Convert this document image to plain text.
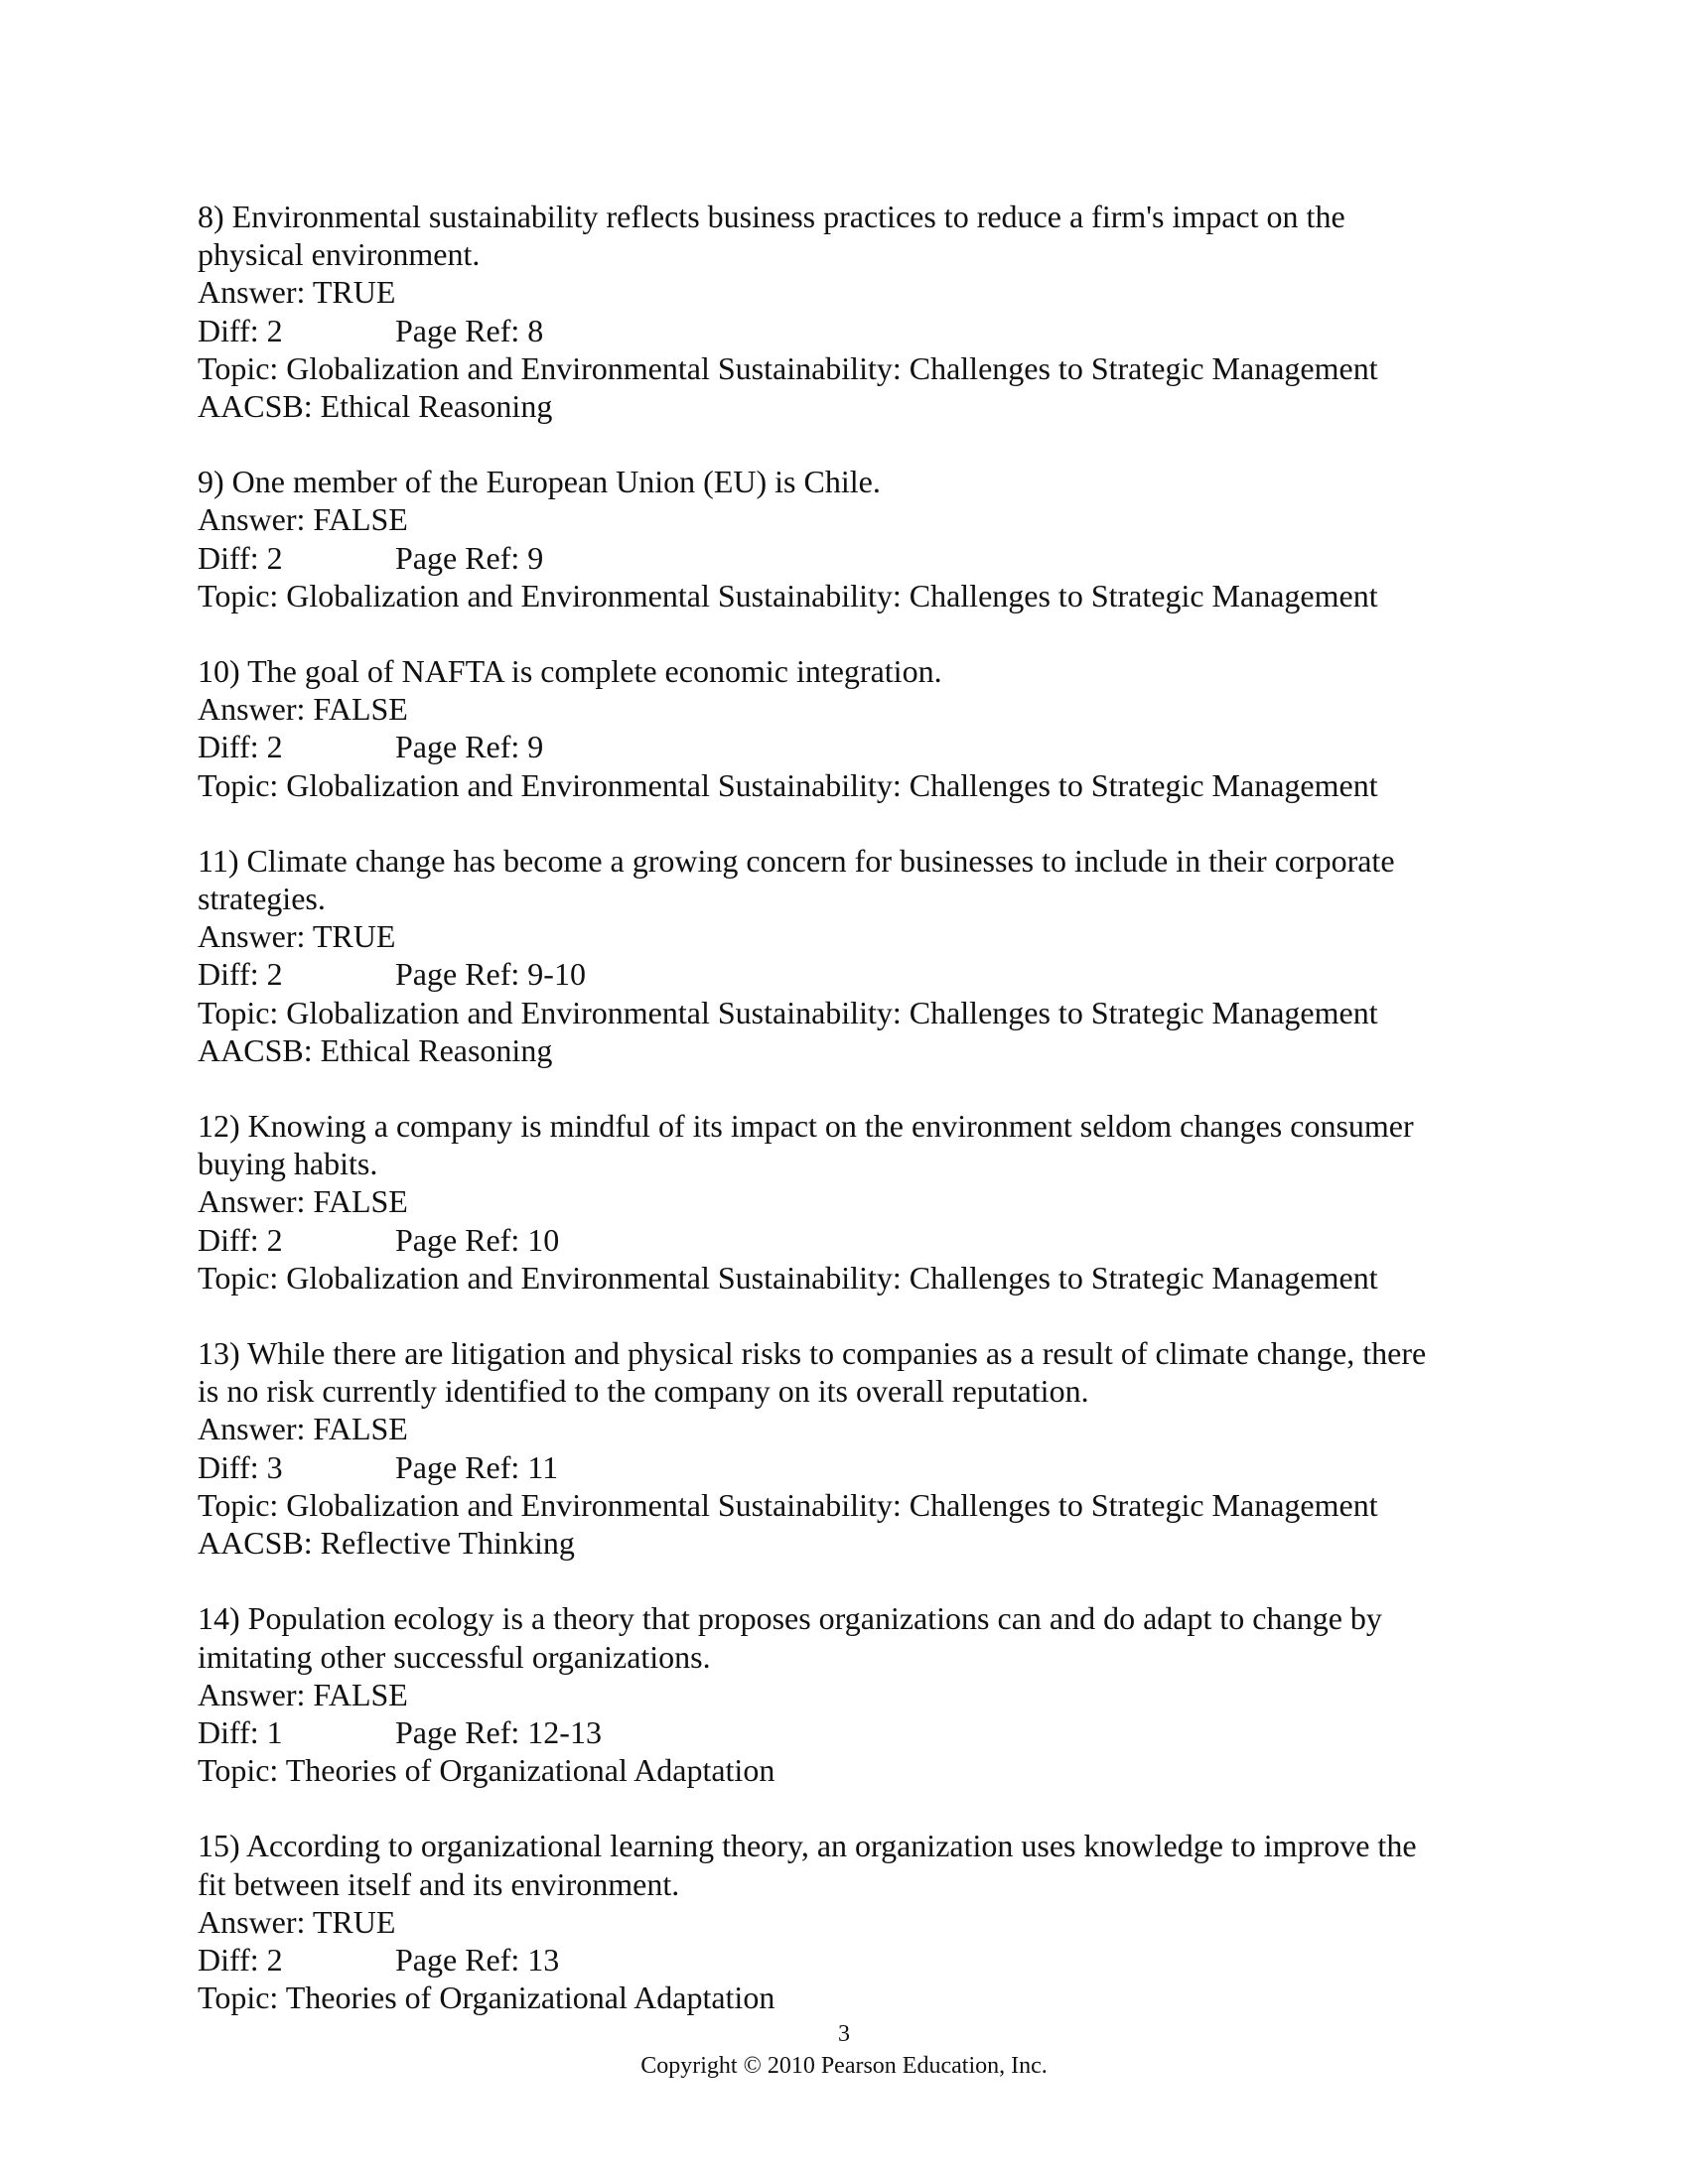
8) Environmental sustainability reflects business practices to reduce a firm's impact on the
physical environment.
Answer: TRUE
Diff: 2	Page Ref: 8
Topic: Globalization and Environmental Sustainability: Challenges to Strategic Management
AACSB: Ethical Reasoning
9) One member of the European Union (EU) is Chile.
Answer: FALSE
Diff: 2	Page Ref: 9
Topic: Globalization and Environmental Sustainability: Challenges to Strategic Management
10) The goal of NAFTA is complete economic integration.
Answer: FALSE
Diff: 2	Page Ref: 9
Topic: Globalization and Environmental Sustainability: Challenges to Strategic Management
11) Climate change has become a growing concern for businesses to include in their corporate
strategies.
Answer: TRUE
Diff: 2	Page Ref: 9-10
Topic: Globalization and Environmental Sustainability: Challenges to Strategic Management
AACSB: Ethical Reasoning
12) Knowing a company is mindful of its impact on the environment seldom changes consumer
buying habits.
Answer: FALSE
Diff: 2	Page Ref: 10
Topic: Globalization and Environmental Sustainability: Challenges to Strategic Management
13) While there are litigation and physical risks to companies as a result of climate change, there
is no risk currently identified to the company on its overall reputation.
Answer: FALSE
Diff: 3	Page Ref: 11
Topic: Globalization and Environmental Sustainability: Challenges to Strategic Management
AACSB: Reflective Thinking
14) Population ecology is a theory that proposes organizations can and do adapt to change by
imitating other successful organizations.
Answer: FALSE
Diff: 1	Page Ref: 12-13
Topic: Theories of Organizational Adaptation
15) According to organizational learning theory, an organization uses knowledge to improve the
fit between itself and its environment.
Answer: TRUE
Diff: 2	Page Ref: 13
Topic: Theories of Organizational Adaptation
3
Copyright © 2010 Pearson Education, Inc.
